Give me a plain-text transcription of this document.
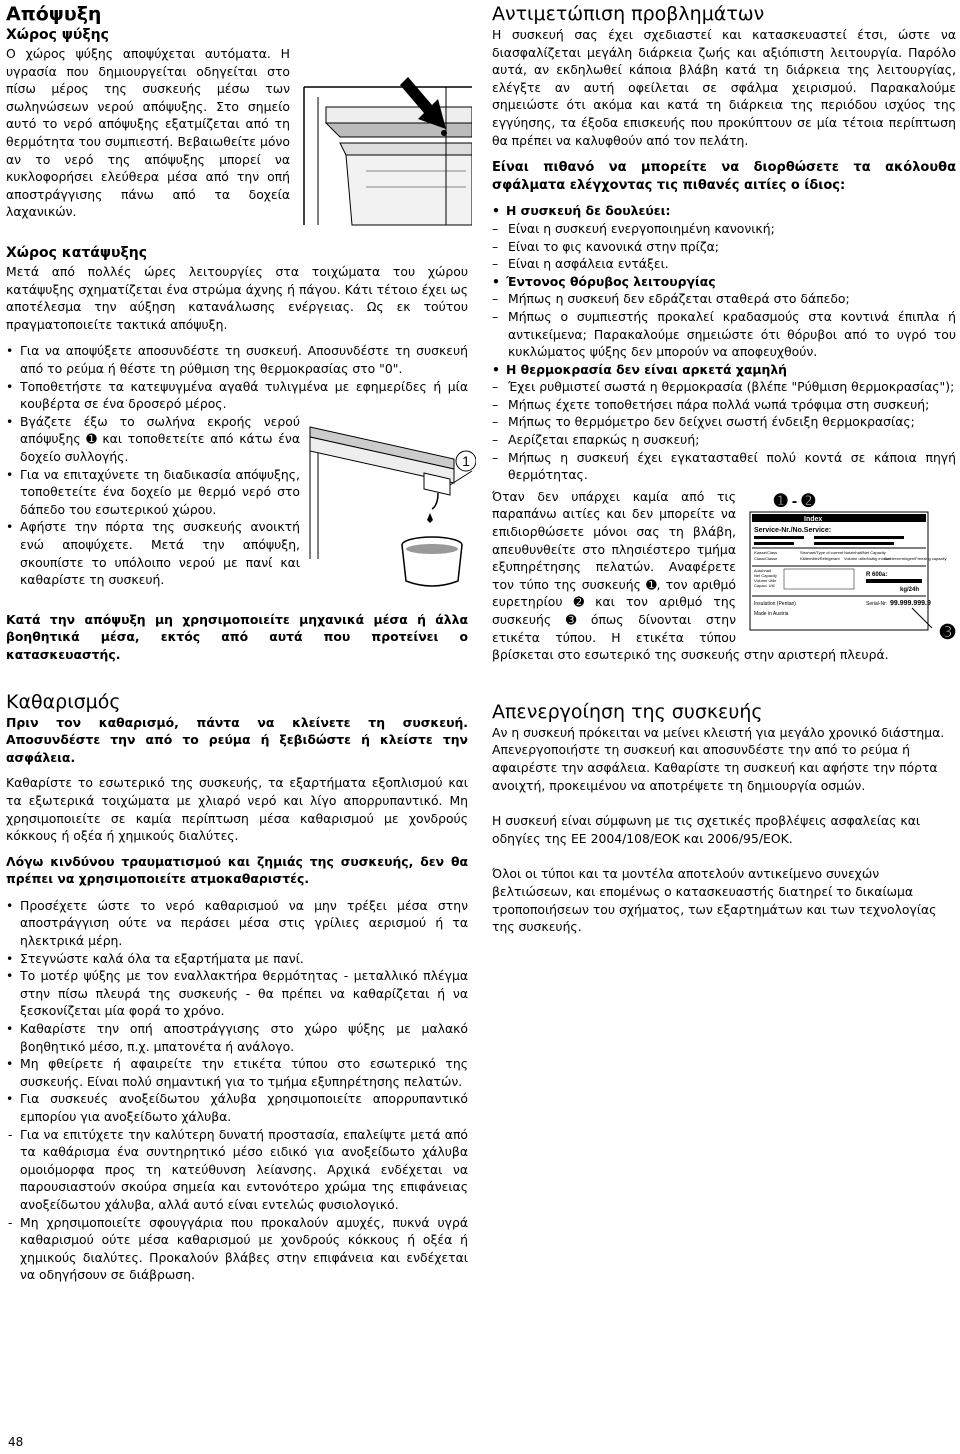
Απόψυξη
Χώρος ψύξης

Ο χώρος ψύξης αποψύχεται αυτόματα. Η υγρασία που δημιουργείται οδηγείται στο πίσω μέρος της συσκευής μέσω των σωληνώσεων νερού απόψυξης. Στο σημείο αυτό το νερό απόψυξης εξατμίζεται από τη θερμότητα του συμπιεστή. Βεβαιωθείτε μόνο αν το νερό της απόψυξης μπορεί να κυκλοφορήσει ελεύθερα μέσα από την οπή αποστράγγισης πάνω από τα δοχεία λαχανικών.

Χώρος κατάψυξης

Μετά από πολλές ώρες λειτουργίες στα τοιχώματα του χώρου κατάψυξης σχηματίζεται ένα στρώμα άχνης ή πάγου. Κάτι τέτοιο έχει ως αποτέλεσμα την αύξηση κατανάλωσης ενέργειας. Ως εκ τούτου πραγματοποιείτε τακτικά απόψυξη.

• Για να αποψύξετε αποσυνδέστε τη συσκευή. Αποσυνδέστε τη συσκευή από το ρεύμα ή θέστε τη ρύθμιση της θερμοκρασίας στο "0".
• Τοποθετήστε τα κατεψυγμένα αγαθά τυλιγμένα με εφημερίδες ή μία κουβέρτα σε ένα δροσερό μέρος.
• 1
Βγάζετε έξω το σωλήνα εκροής νερού απόψυξης ➊ και τοποθετείτε από κάτω ένα δοχείο συλλογής.
• Για να επιταχύνετε τη διαδικασία απόψυξης, τοποθετείτε ένα δοχείο με θερμό νερό στο δάπεδο του εσωτερικού χώρου.
• Αφήστε την πόρτα της συσκευής ανοικτή ενώ αποψύχετε. Μετά την απόψυξη, σκουπίστε το υπόλοιπο νερού με πανί και καθαρίστε τη συσκευή.

Κατά την απόψυξη μη χρησιμοποιείτε μηχανικά μέσα ή άλλα βοηθητικά μέσα, εκτός από αυτά που προτείνει ο κατασκευαστής.

Καθαρισμός

Πριν τον καθαρισμό, πάντα να κλείνετε τη συσκευή. Αποσυνδέστε την από το ρεύμα ή ξεβιδώστε ή κλείστε την ασφάλεια.

Καθαρίστε το εσωτερικό της συσκευής, τα εξαρτήματα εξοπλισμού και τα εξωτερικά τοιχώματα με χλιαρό νερό και λίγο απορρυπαντικό. Μη χρησιμοποιείτε σε καμία περίπτωση μέσα καθαρισμού με χονδρούς κόκκους ή οξέα ή χημικούς διαλύτες.

Λόγω κινδύνου τραυματισμού και ζημιάς της συσκευής, δεν θα πρέπει να χρησιμοποιείτε ατμοκαθαριστές.

• Προσέχετε ώστε το νερό καθαρισμού να μην τρέξει μέσα στην αποστράγγιση ούτε να περάσει μέσα στις γρίλιες αερισμού ή τα ηλεκτρικά μέρη.
• Στεγνώστε καλά όλα τα εξαρτήματα με πανί.
• Το μοτέρ ψύξης με τον εναλλακτήρα θερμότητας - μεταλλικό πλέγμα στην πίσω πλευρά της συσκευής - θα πρέπει να καθαρίζεται ή να ξεσκονίζεται μία φορά το χρόνο.
• Καθαρίστε την οπή αποστράγγισης στο χώρο ψύξης με μαλακό βοηθητικό μέσο, π.χ. μπατονέτα ή ανάλογο.
• Μη φθείρετε ή αφαιρείτε την ετικέτα τύπου στο εσωτερικό της συσκευής. Είναι πολύ σημαντική για το τμήμα εξυπηρέτησης πελατών.
• Για συσκευές ανοξείδωτου χάλυβα χρησιμοποιείτε απορρυπαντικό εμπορίου για ανοξείδωτο χάλυβα.
- Για να επιτύχετε την καλύτερη δυνατή προστασία, επαλείψτε μετά από τα καθάρισμα ένα συντηρητικό μέσο ειδικό για ανοξείδωτο χάλυβα ομοιόμορφα προς τη κατεύθυνση λείανσης. Αρχικά ενδέχεται να παρουσιαστούν σκούρα σημεία και εντονότερο χρώμα της επιφάνειας ανοξείδωτου χάλυβα, αλλά αυτό είναι εντελώς φυσιολογικό.
- Μη χρησιμοποιείτε σφουγγάρια που προκαλούν αμυχές, πυκνά υγρά καθαρισμού ούτε μέσα καθαρισμού με χονδρούς κόκκους ή οξέα ή χημικούς διαλύτες. Προκαλούν βλάβες στην επιφάνεια και ενδέχεται να οδηγήσουν σε διάβρωση.
Αντιμετώπιση προβλημάτων

Η συσκευή σας έχει σχεδιαστεί και κατασκευαστεί έτσι, ώστε να διασφαλίζεται μεγάλη διάρκεια ζωής και αξιόπιστη λειτουργία. Παρόλο αυτά, αν εκδηλωθεί κάποια βλάβη κατά τη διάρκεια της λειτουργίας, ελέγξτε αν αυτή οφείλεται σε σφάλμα χειρισμού. Παρακαλούμε σημειώστε ότι ακόμα και κατά τη διάρκεια της περιόδου ισχύος της εγγύησης, τα έξοδα επισκευής που προκύπτουν σε μία τέτοια περίπτωση θα πρέπει να καλυφθούν από τον πελάτη.

Είναι πιθανό να μπορείτε να διορθώσετε τα ακόλουθα σφάλματα ελέγχοντας τις πιθανές αιτίες ο ίδιος:

• Η συσκευή δε δουλεύει:
– Είναι η συσκευή ενεργοποιημένη κανονική;
– Είναι το φις κανονικά στην πρίζα;
– Είναι η ασφάλεια εντάξει.
• Έντονος θόρυβος λειτουργίας
– Μήπως η συσκευή δεν εδράζεται σταθερά στο δάπεδο;
– Μήπως ο συμπιεστής προκαλεί κραδασμούς στα κοντινά έπιπλα ή αντικείμενα; Παρακαλούμε σημειώστε ότι θόρυβοι από το υγρό του κυκλώματος ψύξης δεν μπορούν να αποφευχθούν.
• Η θερμοκρασία δεν είναι αρκετά χαμηλή
– Έχει ρυθμιστεί σωστά η θερμοκρασία (βλέπε "Ρύθμιση θερμοκρασίας");
– Μήπως έχετε τοποθετήσει πάρα πολλά νωπά τρόφιμα στη συσκευή;
– Μήπως το θερμόμετρο δεν δείχνει σωστή ένδειξη θερμοκρασίας;
– Αερίζεται επαρκώς η συσκευή;
– Μήπως η συσκευή έχει εγκατασταθεί πολύ κοντά σε κάποια πηγή θερμότητας.
➊ - ➋
Index
Service-Nr./No.Service:
Klasse/Class
Class/Classe
Stromart/Type of current
Kältemittel/Refrigerant
Nutzinhalt/Net Capacity
Volume utile/Nuttig inhoud
Gefriervermögen/Freezing capacity
Autohnalt
Net Capacity
Volume Utile
Capaci. Util
R 600a:
kg/24h
Insulation (Pentan)
Made in Austria
Serial-Nr: 99.999.999.9
➌

Όταν δεν υπάρχει καμία από τις παραπάνω αιτίες και δεν μπορείτε να επιδιορθώσετε μόνοι σας τη βλάβη, απευθυνθείτε στο πλησιέστερο τμήμα εξυπηρέτησης πελατών. Αναφέρετε τον τύπο της συσκευής ➊, τον αριθμό ευρετηρίου ➋ και τον αριθμό της συσκευής ➌ όπως δίνονται στην ετικέτα τύπου. Η ετικέτα τύπου βρίσκεται στο εσωτερικό της συσκευής στην αριστερή πλευρά.

Απενεργοίηση της συσκευής

Αν η συσκευή πρόκειται να μείνει κλειστή για μεγάλο χρονικό διάστημα. Απενεργοποιήστε τη συσκευή και αποσυνδέστε την από το ρεύμα ή αφαιρέστε την ασφάλεια. Καθαρίστε τη συσκευή και αφήστε την πόρτα ανοιχτή, προκειμένου να αποτρέψετε τη δημιουργία οσμών.

Η συσκευή είναι σύμφωνη με τις σχετικές προβλέψεις ασφαλείας και οδηγίες της ΕΕ 2004/108/ΕΟΚ και 2006/95/ΕΟΚ.

Όλοι οι τύποι και τα μοντέλα αποτελούν αντικείμενο συνεχών βελτιώσεων, και επομένως ο κατασκευαστής διατηρεί το δικαίωμα τροποποιήσεων του σχήματος, των εξαρτημάτων και των τεχνολογίας της συσκευής.

48
